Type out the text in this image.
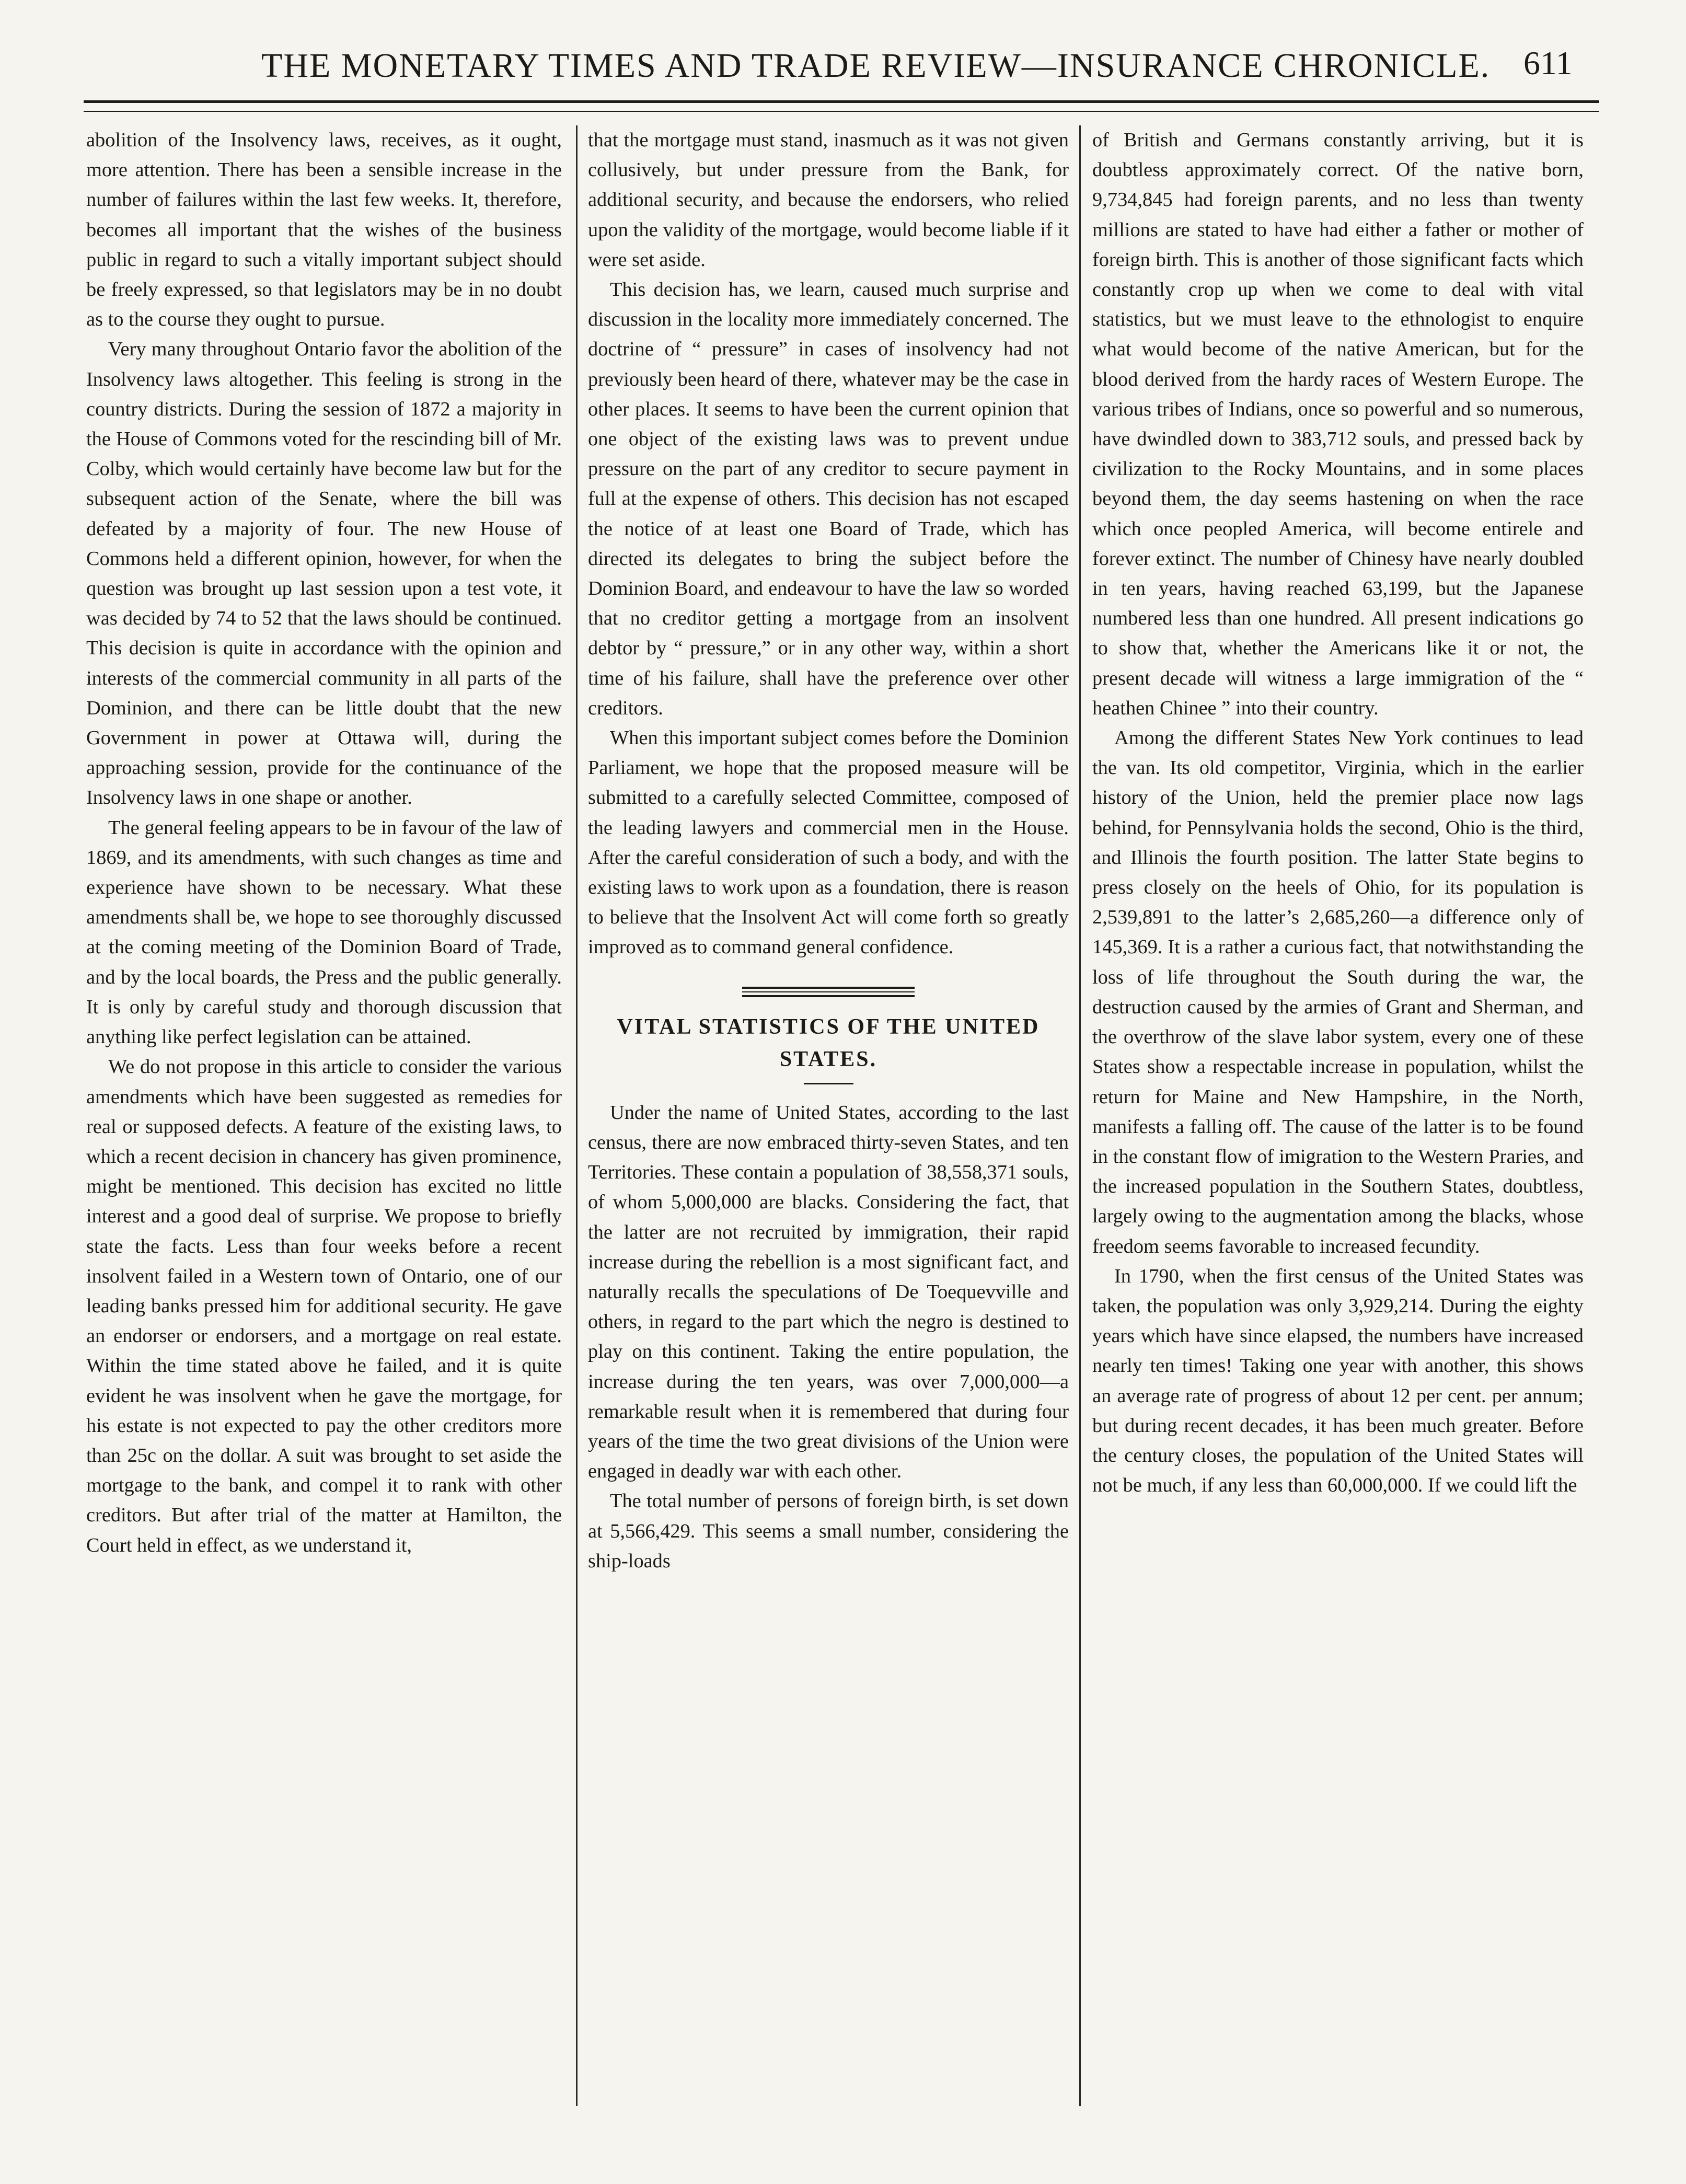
THE MONETARY TIMES AND TRADE REVIEW—INSURANCE CHRONICLE. 611

abolition of the Insolvency laws, receives, as it ought, more attention. There has been a sensible increase in the number of failures within the last few weeks. It, therefore, becomes all important that the wishes of the business public in regard to such a vitally important subject should be freely expressed, so that legislators may be in no doubt as to the course they ought to pursue.

Very many throughout Ontario favor the abolition of the Insolvency laws altogether. This feeling is strong in the country districts. During the session of 1872 a majority in the House of Commons voted for the rescinding bill of Mr. Colby, which would certainly have become law but for the subsequent action of the Senate, where the bill was defeated by a majority of four. The new House of Commons held a different opinion, however, for when the question was brought up last session upon a test vote, it was decided by 74 to 52 that the laws should be continued. This decision is quite in accordance with the opinion and interests of the commercial community in all parts of the Dominion, and there can be little doubt that the new Government in power at Ottawa will, during the approaching session, provide for the continuance of the Insolvency laws in one shape or another.

The general feeling appears to be in favour of the law of 1869, and its amendments, with such changes as time and experience have shown to be necessary. What these amendments shall be, we hope to see thoroughly discussed at the coming meeting of the Dominion Board of Trade, and by the local boards, the Press and the public generally. It is only by careful study and thorough discussion that anything like perfect legislation can be attained.

We do not propose in this article to consider the various amendments which have been suggested as remedies for real or supposed defects. A feature of the existing laws, to which a recent decision in chancery has given prominence, might be mentioned. This decision has excited no little interest and a good deal of surprise. We propose to briefly state the facts. Less than four weeks before a recent insolvent failed in a Western town of Ontario, one of our leading banks pressed him for additional security. He gave an endorser or endorsers, and a mortgage on real estate. Within the time stated above he failed, and it is quite evident he was insolvent when he gave the mortgage, for his estate is not expected to pay the other creditors more than 25c on the dollar. A suit was brought to set aside the mortgage to the bank, and compel it to rank with other creditors. But after trial of the matter at Hamilton, the Court held in effect, as we understand it,

that the mortgage must stand, inasmuch as it was not given collusively, but under pressure from the Bank, for additional security, and because the endorsers, who relied upon the validity of the mortgage, would become liable if it were set aside.

This decision has, we learn, caused much surprise and discussion in the locality more immediately concerned. The doctrine of “ pressure” in cases of insolvency had not previously been heard of there, whatever may be the case in other places. It seems to have been the current opinion that one object of the existing laws was to prevent undue pressure on the part of any creditor to secure payment in full at the expense of others. This decision has not escaped the notice of at least one Board of Trade, which has directed its delegates to bring the subject before the Dominion Board, and endeavour to have the law so worded that no creditor getting a mortgage from an insolvent debtor by “ pressure,” or in any other way, within a short time of his failure, shall have the preference over other creditors.

When this important subject comes before the Dominion Parliament, we hope that the proposed measure will be submitted to a carefully selected Committee, composed of the leading lawyers and commercial men in the House. After the careful consideration of such a body, and with the existing laws to work upon as a foundation, there is reason to believe that the Insolvent Act will come forth so greatly improved as to command general confidence.

VITAL STATISTICS OF THE UNITED STATES.

Under the name of United States, according to the last census, there are now embraced thirty-seven States, and ten Territories. These contain a population of 38,558,371 souls, of whom 5,000,000 are blacks. Considering the fact, that the latter are not recruited by immigration, their rapid increase during the rebellion is a most significant fact, and naturally recalls the speculations of De Toequevville and others, in regard to the part which the negro is destined to play on this continent. Taking the entire population, the increase during the ten years, was over 7,000,000—a remarkable result when it is remembered that during four years of the time the two great divisions of the Union were engaged in deadly war with each other.

The total number of persons of foreign birth, is set down at 5,566,429. This seems a small number, considering the ship-loads

of British and Germans constantly arriving, but it is doubtless approximately correct. Of the native born, 9,734,845 had foreign parents, and no less than twenty millions are stated to have had either a father or mother of foreign birth. This is another of those significant facts which constantly crop up when we come to deal with vital statistics, but we must leave to the ethnologist to enquire what would become of the native American, but for the blood derived from the hardy races of Western Europe. The various tribes of Indians, once so powerful and so numerous, have dwindled down to 383,712 souls, and pressed back by civilization to the Rocky Mountains, and in some places beyond them, the day seems hastening on when the race which once peopled America, will become entirele and forever extinct. The number of Chinesy have nearly doubled in ten years, having reached 63,199, but the Japanese numbered less than one hundred. All present indications go to show that, whether the Americans like it or not, the present decade will witness a large immigration of the “ heathen Chinee ” into their country.

Among the different States New York continues to lead the van. Its old competitor, Virginia, which in the earlier history of the Union, held the premier place now lags behind, for Pennsylvania holds the second, Ohio is the third, and Illinois the fourth position. The latter State begins to press closely on the heels of Ohio, for its population is 2,539,891 to the latter’s 2,685,260—a difference only of 145,369. It is a rather a curious fact, that notwithstanding the loss of life throughout the South during the war, the destruction caused by the armies of Grant and Sherman, and the overthrow of the slave labor system, every one of these States show a respectable increase in population, whilst the return for Maine and New Hampshire, in the North, manifests a falling off. The cause of the latter is to be found in the constant flow of imigration to the Western Praries, and the increased population in the Southern States, doubtless, largely owing to the augmentation among the blacks, whose freedom seems favorable to increased fecundity.

In 1790, when the first census of the United States was taken, the population was only 3,929,214. During the eighty years which have since elapsed, the numbers have increased nearly ten times! Taking one year with another, this shows an average rate of progress of about 12 per cent. per annum; but during recent decades, it has been much greater. Before the century closes, the population of the United States will not be much, if any less than 60,000,000. If we could lift the
